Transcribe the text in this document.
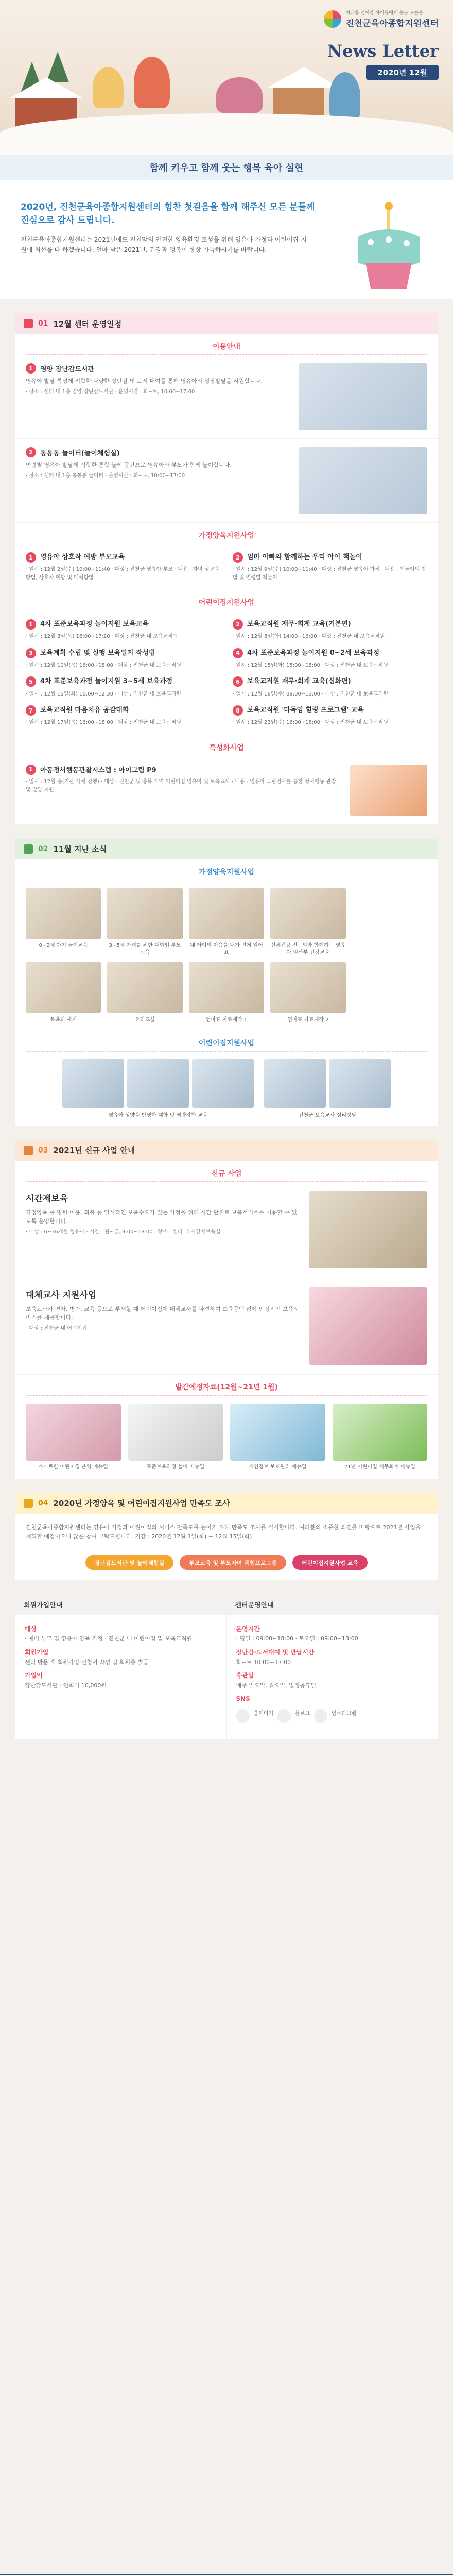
미래를 열어갈 아이들에게 웃는 오늘을
진천군육아종합지원센터
News Letter
2020년 12월
함께 키우고 함께 웃는 행복 육아 실현
2020년, 진천군육아종합지원센터의 힘찬 첫걸음을 함께 해주신 모든 분들께 진심으로 감사 드립니다.
진천군육아종합지원센터는 2021년에도 진천맘의 안전한 양육환경 조성을 위해 영유아 가정과 어린이집 지원에 최선을 다 하겠습니다. 얼마 남은 2021년, 건강과 행복이 항상 가득하시기를 바랍니다.
01 12월 센터 운영일정
이용안내
1	영양 장난감도서관
영유아 발달 특성에 적합한 다양한 장난감 및 도서 대여를 통해 영유아의 성장발달을 지원합니다.
· 장소 : 센터 내 1층 영양 장난감도서관 · 운영시간 : 화~토, 10:00~17:00
2	통통통 놀이터(놀이체험실)
연령별 영유아 발달에 적합한 통합 놀이 공간으로 영유아와 부모가 함께 놀이합니다.
· 장소 : 센터 내 1층 통통통 놀이터 · 운영시간 : 화~토, 10:00~17:00
가정양육지원사업
1	영유아 상호작 예방 부모교육
· 일시 : 12월 2일(수) 10:00~11:40 · 대상 : 진천군 영유아 부모 · 내용 : 자녀 성교육 방법, 상호작 예방 및 대처방법
2	엄마 아빠와 함께하는 우리 아이 책놀이
· 일시 : 12월 9일(수) 10:00~11:40 · 대상 : 진천군 영유아 가정 · 내용 : 책놀이의 방법 및 연령별 책놀이
어린이집지원사업
1	4차 표준보육과정 놀이지원 보육교육
· 일시 : 12월 3일(목) 16:00~17:20 · 대상 : 진천군 내 보육교직원
2	보육교직원 재무·회계 교육(기본편)
· 일시 : 12월 8일(화) 14:00~16:00 · 대상 : 진천군 내 보육교직원
3	보육계획 수립 및 실행 보육일지 작성법
· 일시 : 12월 10일(목) 16:00~18:00 · 대상 : 진천군 내 보육교직원
4	4차 표준보육과정 놀이지원 0~2세 보육과정
· 일시 : 12월 15일(화) 15:00~18:00 · 대상 : 진천군 내 보육교직원
5	4차 표준보육과정 놀이지원 3~5세 보육과정
· 일시 : 12월 15일(화) 10:00~12:30 · 대상 : 진천군 내 보육교직원
6	보육교직원 재무·회계 교육(심화편)
· 일시 : 12월 16일(수) 09:00~13:00 · 대상 : 진천군 내 보육교직원
7	보육교직원 마음치유 공감대화
· 일시 : 12월 17일(목) 16:00~18:00 · 대상 : 진천군 내 보육교직원
8	보육교직원 '다독임 힐링 프로그램' 교육
· 일시 : 12월 23일(수) 16:00~18:00 · 대상 : 진천군 내 보육교직원
특성화사업
1	아동정서행동관찰시스템 : 아이그림 P9
· 일시 : 12월 중(기관 자체 진행) · 대상 : 진천군 및 충북 지역 어린이집 영유아 및 보육교사 · 내용 : 영유아 그림검사를 통한 정서행동 관찰 및 발달 지원
02 11월 지난 소식
가정양육지원사업
0~2세 아기 놀이교육	3~5세 자녀를 위한 대화법 부모교육
내 아이의 마음을 내가 먼저 읽어요
신체건강 전문의와 함께하는 영유아 임산부 건강교육
목욕의 세계	요리교실	엄마표 자료제작 1	엄마표 자료제작 2
어린이집지원사업
영유아 성향을 반영한 대화 및 역량강화 교육	진천군 보육교사 심리상담
03 2021년 신규 사업 안내
신규 사업
시간제보육
가정양육 중 병원 이용, 외출 등 일시적인 보육수요가 있는 가정을 위해 시간 단위로 보육서비스를 이용할 수 있도록 운영합니다.
· 대상 : 6~36개월 영유아 · 시간 : 월~금, 9:00~18:00 · 장소 : 센터 내 시간제보육실
대체교사 지원사업
보육교사가 연차, 병가, 교육 등으로 부재할 때 어린이집에 대체교사를 파견하여 보육공백 없이 안정적인 보육서비스를 제공합니다.
· 대상 : 진천군 내 어린이집
발간예정자료(12월~21년 1월)
스마트한 어린이집 운영 매뉴얼	표준보육과정 놀이 매뉴얼	개인정보 보호관리 매뉴얼	21년 어린이집 재무회계 매뉴얼
04 2020년 가정양육 및 어린이집지원사업 만족도 조사
진천군육아종합지원센터는 영유아 가정과 어린이집의 서비스 만족도를 높이기 위해 만족도 조사를 실시합니다. 여러분의 소중한 의견을 바탕으로 2021년 사업을 계획할 예정이오니 많은 참여 부탁드립니다. 기간 : 2020년 12월 1일(화) ~ 12월 15일(화)
장난감도서관 및 놀이체험실	부모교육 및 부모자녀 체험프로그램	어린이집지원사업 교육
회원가입안내
대상
· 예비 부모 및 영유아 양육 가정 · 진천군 내 어린이집 및 보육교직원
회원가입
센터 방문 후 회원가입 신청서 작성 및 회원증 발급
가입비
장난감도서관 : 연회비 10,000원
센터운영안내
운영시간
· 평일 : 09:00~18:00 · 토요일 : 09:00~13:00
장난감·도서대여 및 반납시간
화~토 10:00~17:00
휴관일
매주 일요일, 월요일, 법정공휴일
SNS
홈페이지	블로그	인스타그램
